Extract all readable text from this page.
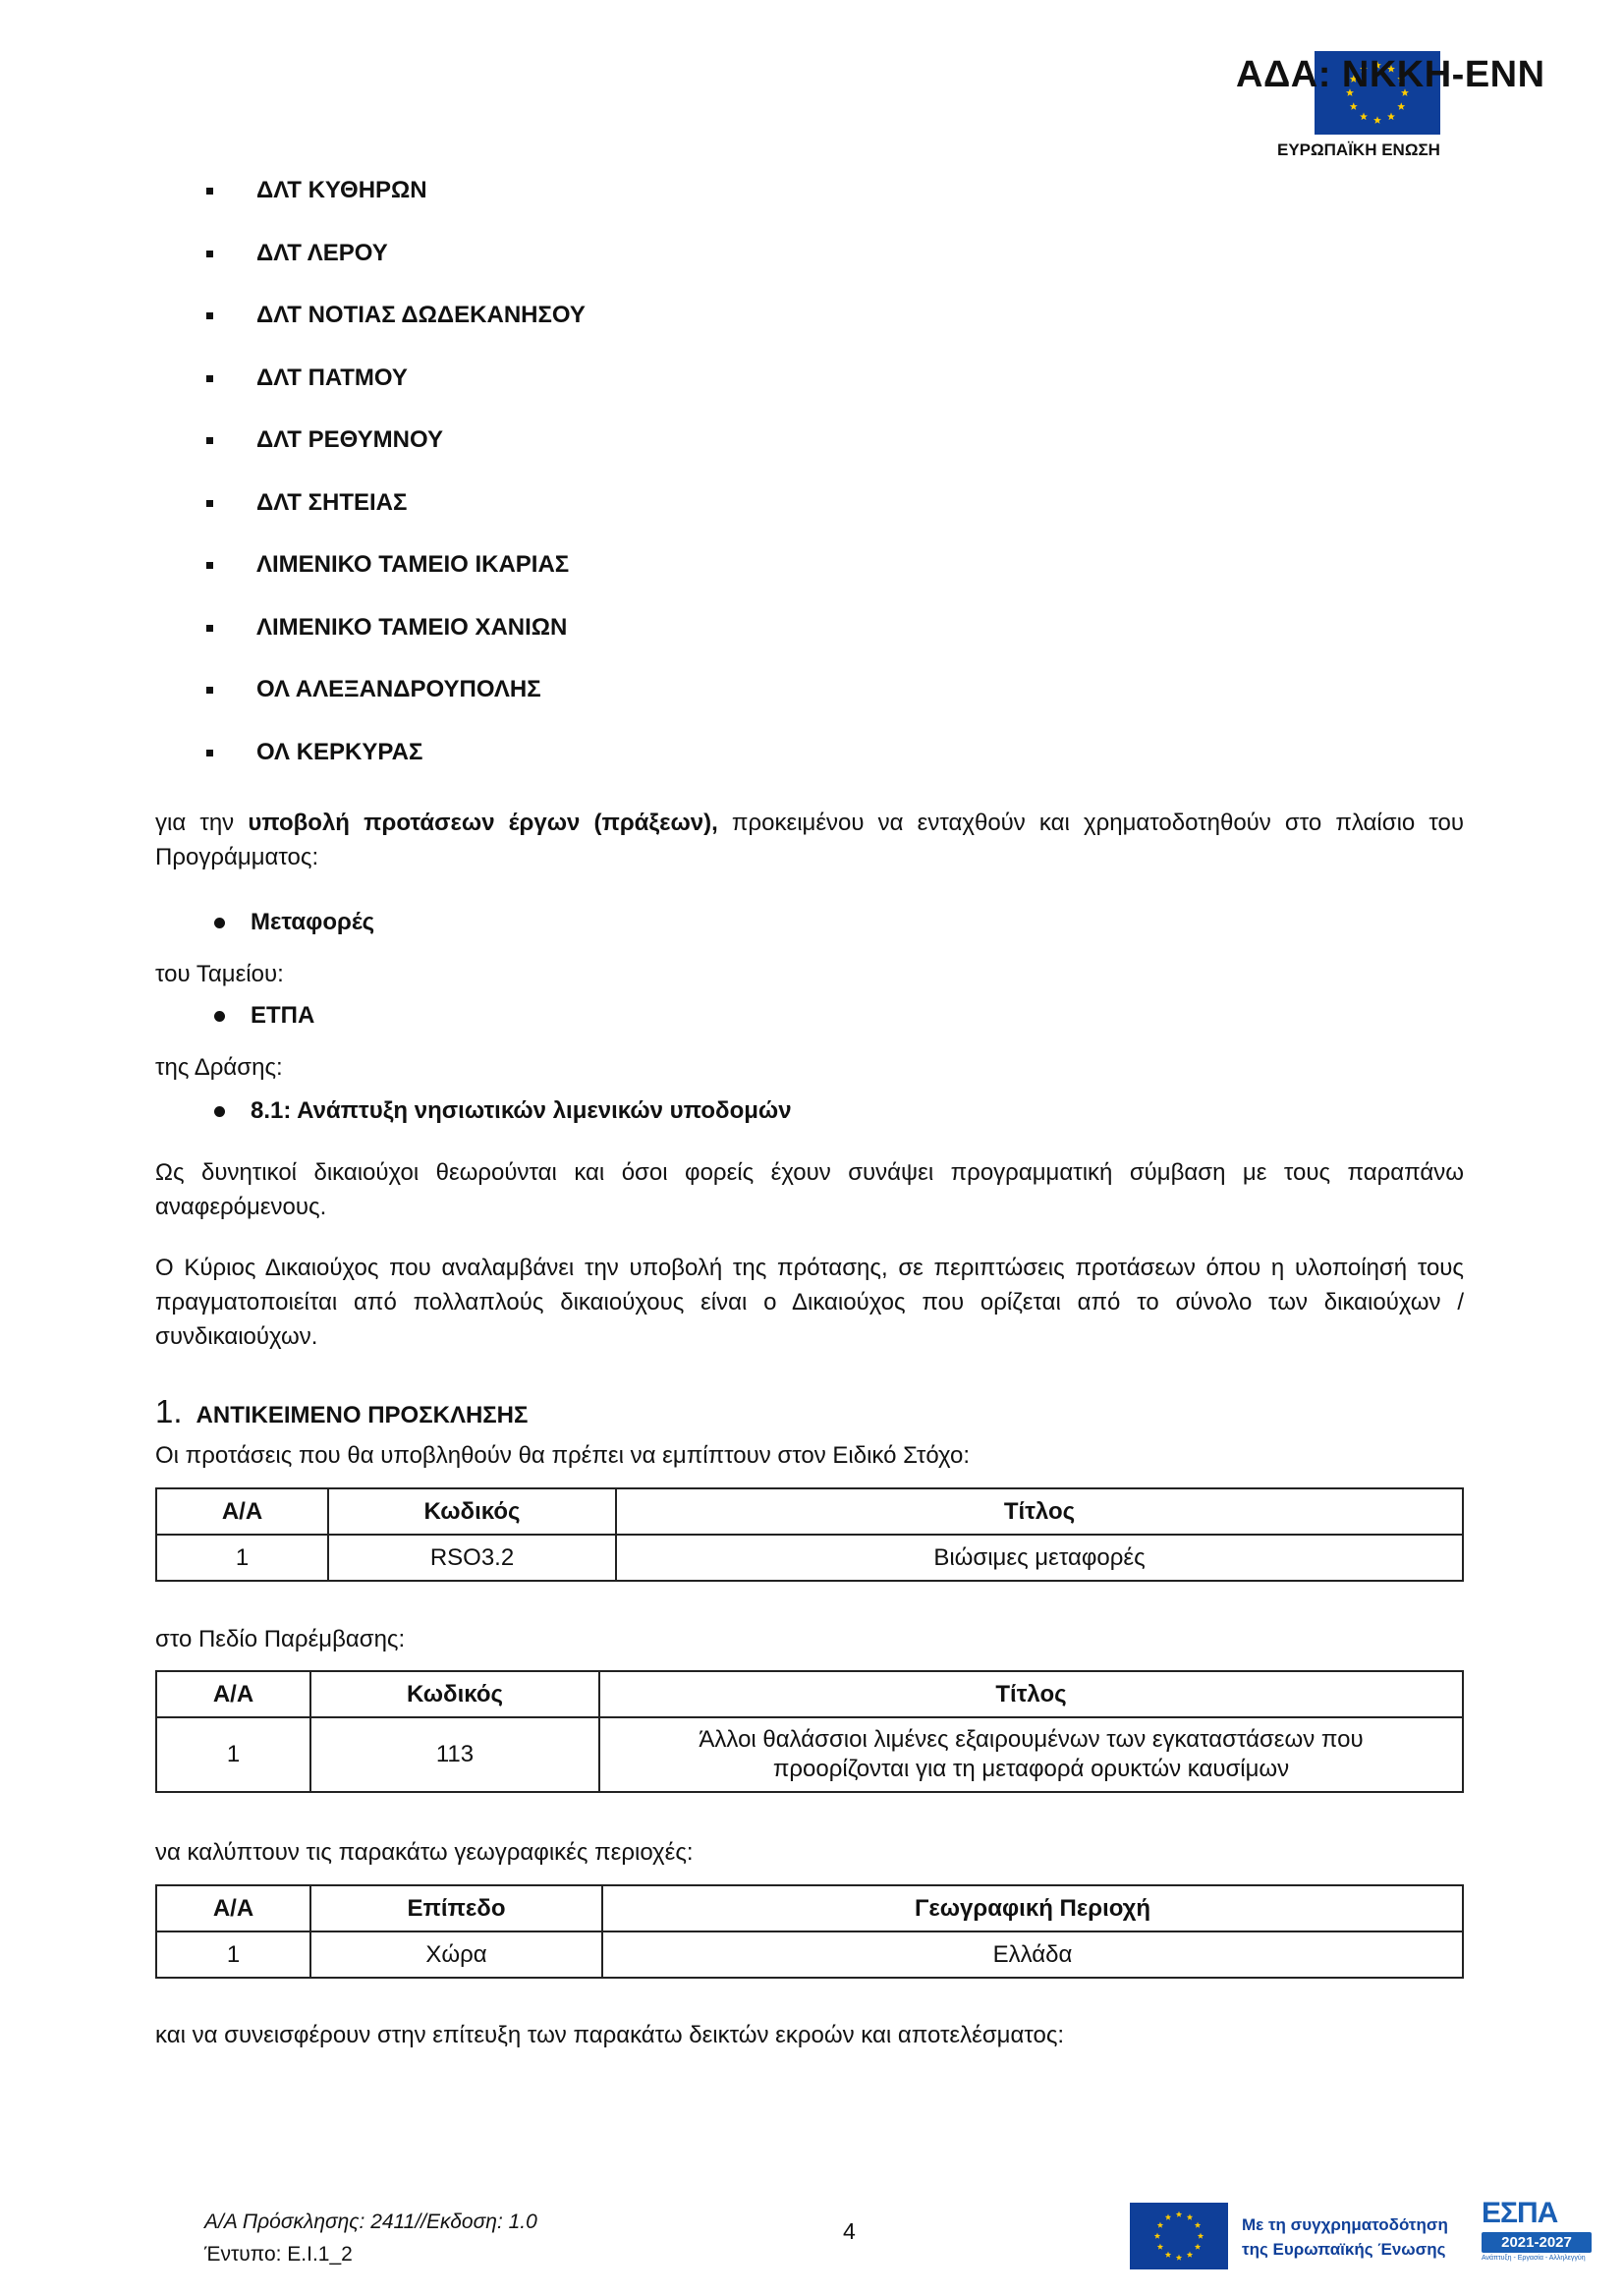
ΑΔΑ: ΝΚΚΗ-ΕΝΝ
ΕΥΡΩΠΑΪΚΗ ΕΝΩΣΗ
ΔΛΤ ΚΥΘΗΡΩΝ
ΔΛΤ ΛΕΡΟΥ
ΔΛΤ ΝΟΤΙΑΣ ΔΩΔΕΚΑΝΗΣΟΥ
ΔΛΤ ΠΑΤΜΟΥ
ΔΛΤ ΡΕΘΥΜΝΟΥ
ΔΛΤ ΣΗΤΕΙΑΣ
ΛΙΜΕΝΙΚΟ ΤΑΜΕΙΟ ΙΚΑΡΙΑΣ
ΛΙΜΕΝΙΚΟ ΤΑΜΕΙΟ ΧΑΝΙΩΝ
ΟΛ ΑΛΕΞΑΝΔΡΟΥΠΟΛΗΣ
ΟΛ ΚΕΡΚΥΡΑΣ

για την υποβολή προτάσεων έργων (πράξεων), προκειμένου να ενταχθούν και χρηματοδοτηθούν στο πλαίσιο του Προγράμματος:

Μεταφορές
του Ταμείου:
ΕΤΠΑ
της Δράσης:
8.1: Ανάπτυξη νησιωτικών λιμενικών υποδομών

Ως δυνητικοί δικαιούχοι θεωρούνται και όσοι φορείς έχουν συνάψει προγραμματική σύμβαση με τους παραπάνω αναφερόμενους.

Ο Κύριος Δικαιούχος που αναλαμβάνει την υποβολή της πρότασης, σε περιπτώσεις προτάσεων όπου η υλοποίησή τους πραγματοποιείται από πολλαπλούς δικαιούχους είναι ο Δικαιούχος που ορίζεται από το σύνολο των δικαιούχων / συνδικαιούχων.

1. ΑΝΤΙΚΕΙΜΕΝΟ ΠΡΟΣΚΛΗΣΗΣ
Οι προτάσεις που θα υποβληθούν θα πρέπει να εμπίπτουν στον Ειδικό Στόχο:
Α/Α	Κωδικός	Τίτλος
1	RSO3.2	Βιώσιμες μεταφορές
στο Πεδίο Παρέμβασης:
Α/Α	Κωδικός	Τίτλος
1	113	Άλλοι θαλάσσιοι λιμένες εξαιρουμένων των εγκαταστάσεων που
προορίζονται για τη μεταφορά ορυκτών καυσίμων
να καλύπτουν τις παρακάτω γεωγραφικές περιοχές:
Α/Α	Επίπεδο	Γεωγραφική Περιοχή
1	Χώρα	Ελλάδα
και να συνεισφέρουν στην επίτευξη των παρακάτω δεικτών εκροών και αποτελέσματος:
Α/Α Πρόσκλησης: 2411//Εκδοση: 1.0
Έντυπο: Ε.Ι.1_2
4	Με τη συγχρηματοδότηση
της Ευρωπαϊκής Ένωσης
ΕΣΠΑ
2021-2027
Ανάπτυξη - Εργασία - Αλληλεγγύη
